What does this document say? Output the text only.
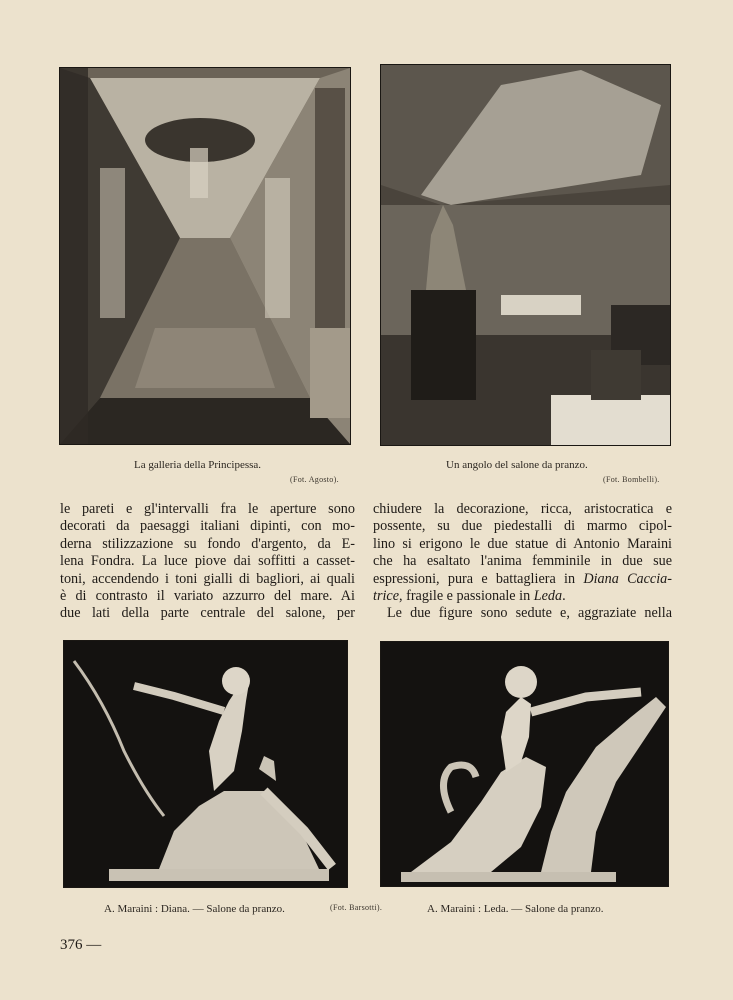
La galleria della Principessa.
(Fot. Agosto).
Un angolo del salone da pranzo.
(Fot. Bombelli).
le pareti e gl'intervalli fra le aperture sono
decorati da paesaggi italiani dipinti, con mo-
derna stilizzazione su fondo d'argento, da E-
lena Fondra. La luce piove dai soffitti a casset-
toni, accendendo i toni gialli di bagliori, ai quali
è di contrasto il variato azzurro del mare. Ai
due lati della parte centrale del salone, per
chiudere la decorazione, ricca, aristocratica e
possente, su due piedestalli di marmo cipol-
lino si erigono le due statue di Antonio Maraini
che ha esaltato l'anima femminile in due sue
espressioni, pura e battagliera in Diana Caccia-
trice, fragile e passionale in Leda.
Le due figure sono sedute e, aggraziate nella
A. Maraini : Diana. — Salone da pranzo.	(Fot. Barsotti).	A. Maraini : Leda. — Salone da pranzo.
376 —
